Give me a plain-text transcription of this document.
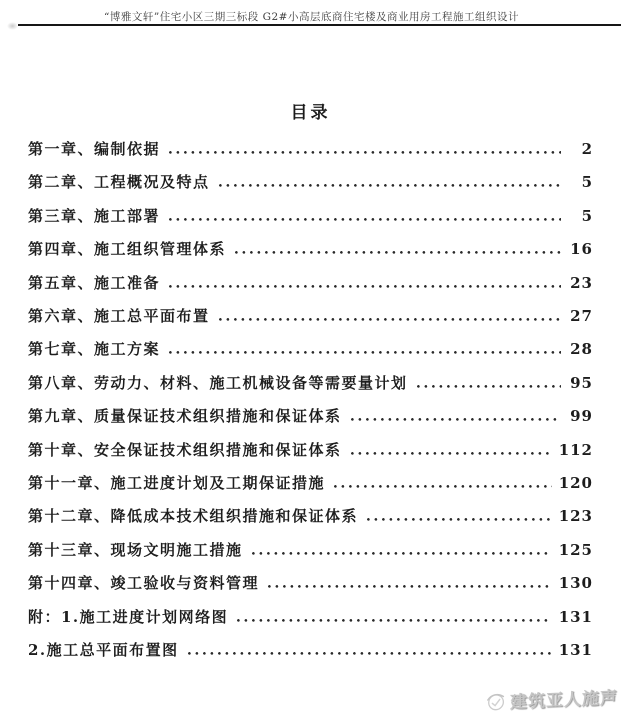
“博雅文轩”住宅小区三期三标段 G2#小高层底商住宅楼及商业用房工程施工组织设计
目录
第一章、编制依据	2
第二章、工程概况及特点	5
第三章、施工部署	5
第四章、施工组织管理体系	16
第五章、施工准备	23
第六章、施工总平面布置	27
第七章、施工方案	28
第八章、劳动力、材料、施工机械设备等需要量计划	95
第九章、质量保证技术组织措施和保证体系	99
第十章、安全保证技术组织措施和保证体系	112
第十一章、施工进度计划及工期保证措施	120
第十二章、降低成本技术组织措施和保证体系	123
第十三章、现场文明施工措施	125
第十四章、竣工验收与资料管理	130
附：1.施工进度计划网络图	131
2.施工总平面布置图	131
建筑亚人施声
